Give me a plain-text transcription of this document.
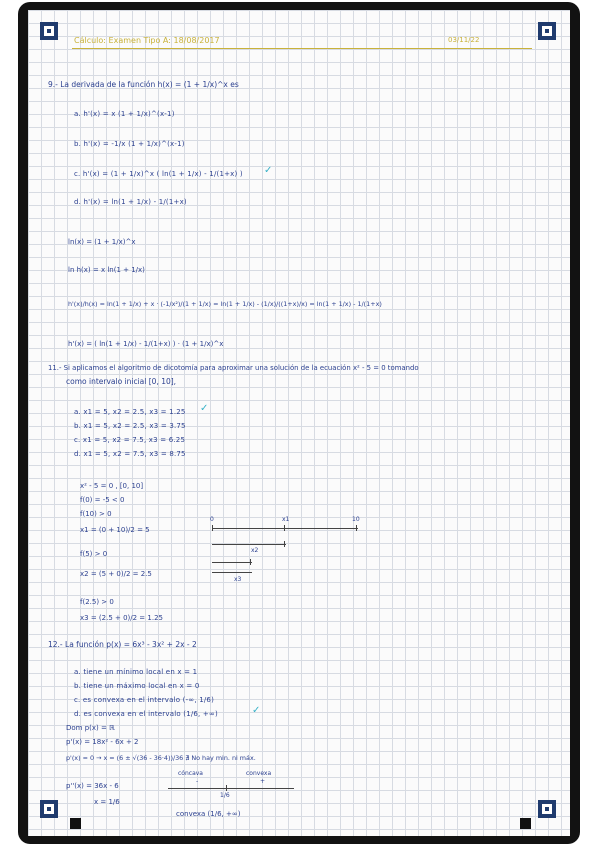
Cálculo: Examen Tipo A: 18/08/2017	03/11/22
9.- La derivada de la función h(x) = (1 + 1/x)^x es
a. h'(x) = x (1 + 1/x)^(x-1)
b. h'(x) = -1/x (1 + 1/x)^(x-1)
c. h'(x) = (1 + 1/x)^x ( ln(1 + 1/x) - 1/(1+x) ) ✓
d. h'(x) = ln(1 + 1/x) - 1/(1+x)
ln(x) = (1 + 1/x)^x
ln h(x) = x ln(1 + 1/x)
h'(x)/h(x) = ln(1 + 1/x) + x · (-1/x²)/(1 + 1/x) = ln(1 + 1/x) - (1/x)/((1+x)/x) = ln(1 + 1/x) - 1/(1+x)
h'(x) = ( ln(1 + 1/x) - 1/(1+x) ) · (1 + 1/x)^x
11.- Si aplicamos el algoritmo de dicotomía para aproximar una solución de la ecuación x² - 5 = 0 tomando
como intervalo inicial [0, 10],
a. x1 = 5, x2 = 2.5, x3 = 1.25 ✓
b. x1 = 5, x2 = 2.5, x3 = 3.75
c. x1 = 5, x2 = 7.5, x3 = 6.25
d. x1 = 5, x2 = 7.5, x3 = 8.75
x² - 5 = 0 , [0, 10]
f(0) = -5 < 0
f(10) > 0
x1 = (0 + 10)/2 = 5
f(5) > 0
x2 = (5 + 0)/2 = 2.5
f(2.5) > 0
x3 = (2.5 + 0)/2 = 1.25
0	x1	10
x2
x3
12.- La función p(x) = 6x³ - 3x² + 2x - 2
a. tiene un mínimo local en x = 1
b. tiene un máximo local en x = 0
c. es convexa en el intervalo (-∞, 1/6)
d. es convexa en el intervalo (1/6, +∞)	✓
Dom p(x) = ℝ
p'(x) = 18x² - 6x + 2
p'(x) = 0 → x = (6 ± √(36 - 36·4))/36 ∄ No hay min. ni máx.
p''(x) = 36x - 6
x = 1/6
convexa (1/6, +∞)
cóncava	convexa
-	+
1/6
